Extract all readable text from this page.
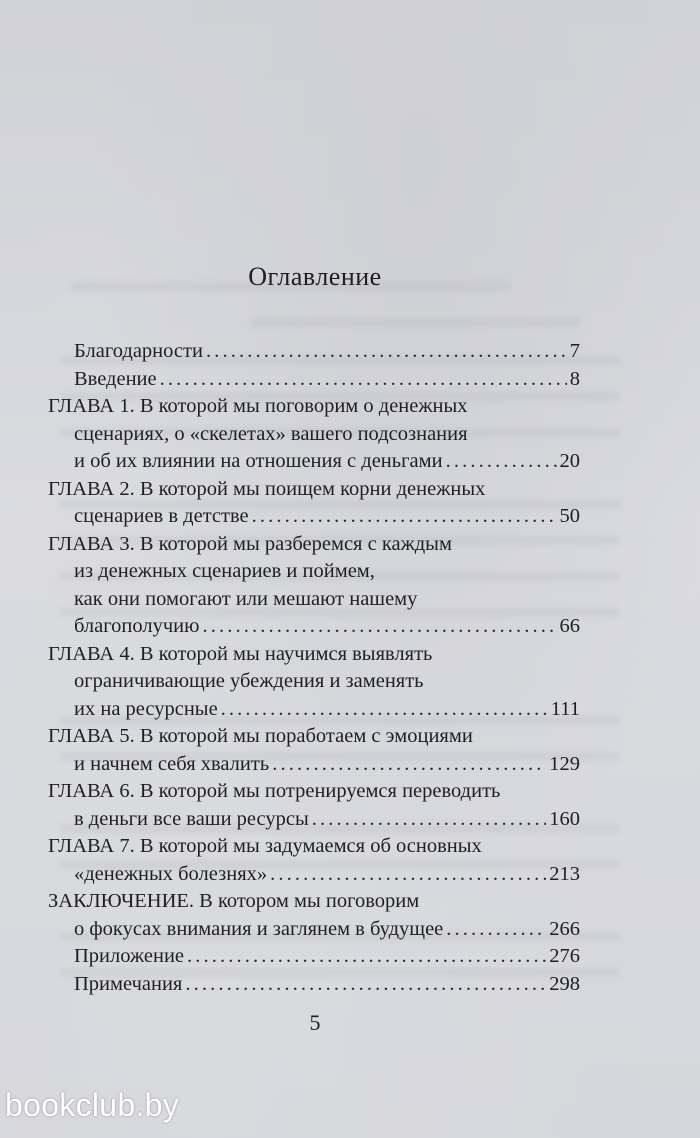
Оглавление
Благодарности . . .	7
Введение . . .	8
ГЛАВА 1. В которой мы поговорим о денежных
сценариях, о «скелетах» вашего подсознания
и об их влиянии на отношения с деньгами . . .	20
ГЛАВА 2. В которой мы поищем корни денежных
сценариев в детстве . . .	50
ГЛАВА 3. В которой мы разберемся с каждым
из денежных сценариев и поймем,
как они помогают или мешают нашему
благополучию . . .	66
ГЛАВА 4. В которой мы научимся выявлять
ограничивающие убеждения и заменять
их на ресурсные . . .	111
ГЛАВА 5. В которой мы поработаем с эмоциями
и начнем себя хвалить . . .	129
ГЛАВА 6. В которой мы потренируемся переводить
в деньги все ваши ресурсы . . .	160
ГЛАВА 7. В которой мы задумаемся об основных
«денежных болезнях» . . .	213
ЗАКЛЮЧЕНИЕ. В котором мы поговорим
о фокусах внимания и заглянем в будущее . . .	266
Приложение . . .	276
Примечания . . .	298
5
bookclub.by
